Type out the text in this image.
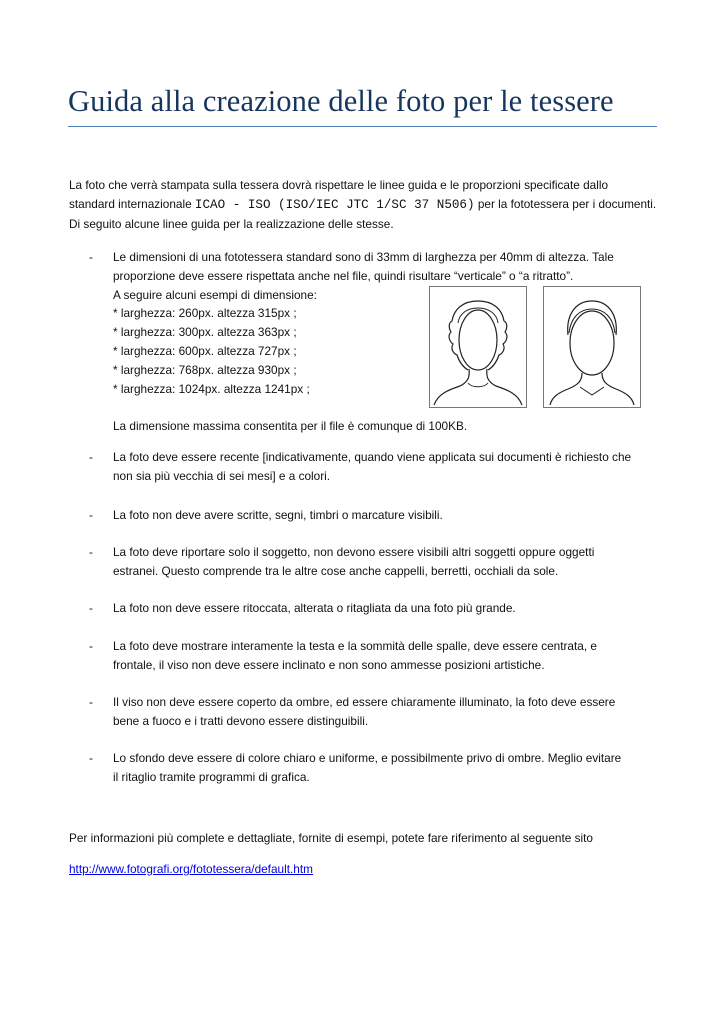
Guida alla creazione delle foto per le tessere
La foto che verrà stampata sulla tessera dovrà rispettare le linee guida e le proporzioni specificate dallo
standard internazionale ICAO - ISO (ISO/IEC JTC 1/SC 37 N506) per la fototessera per i documenti.
Di seguito alcune linee guida per la realizzazione delle stesse.
- Le dimensioni di una fototessera standard sono di 33mm di larghezza per 40mm di altezza. Tale
proporzione deve essere rispettata anche nel file, quindi risultare “verticale” o “a ritratto”.
A seguire alcuni esempi di dimensione:
* larghezza: 260px. altezza 315px ;
* larghezza: 300px. altezza 363px ;
* larghezza: 600px. altezza 727px ;
* larghezza: 768px. altezza 930px ;
* larghezza: 1024px. altezza 1241px ;
La dimensione massima consentita per il file è comunque di 100KB.
- La foto deve essere recente [indicativamente, quando viene applicata sui documenti è richiesto che
non sia più vecchia di sei mesi] e a colori.
- La foto non deve avere scritte, segni, timbri o marcature visibili.
- La foto deve riportare solo il soggetto, non devono essere visibili altri soggetti oppure oggetti
estranei. Questo comprende tra le altre cose anche cappelli, berretti, occhiali da sole.
- La foto non deve essere ritoccata, alterata o ritagliata da una foto più grande.
- La foto deve mostrare interamente la testa e la sommità delle spalle, deve essere centrata, e
frontale, il viso non deve essere inclinato e non sono ammesse posizioni artistiche.
- Il viso non deve essere coperto da ombre, ed essere chiaramente illuminato, la foto deve essere
bene a fuoco e i tratti devono essere distinguibili.
- Lo sfondo deve essere di colore chiaro e uniforme, e possibilmente privo di ombre. Meglio evitare
il ritaglio tramite programmi di grafica.
Per informazioni più complete e dettagliate, fornite di esempi, potete fare riferimento al seguente sito
http://www.fotografi.org/fototessera/default.htm
